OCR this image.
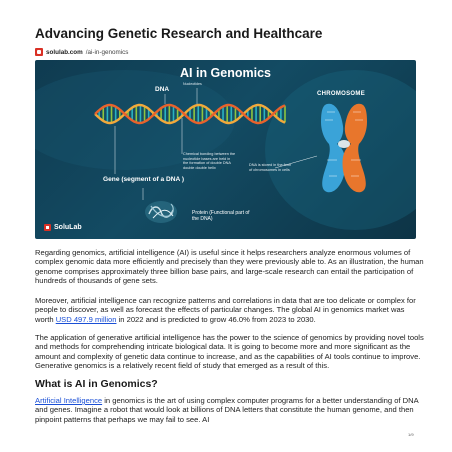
Advancing Genetic Research and Healthcare
solulab.com /ai-in-genomics
AI in Genomics
DNA
Nucleotides
CHROMOSOME
Chemical bonding between the
nucleotide bases are held in
the formation of double DNA
double double helix
DNA is stored in the form
of chromosomes in cells
Gene (segment of a DNA )
Protein (Functional part of
the DNA)
SoluLab

Regarding genomics, artificial intelligence (AI) is useful since it helps researchers analyze enormous volumes of complex genomic data more efficiently and precisely than they were previously able to. As an illustration, the human genome comprises approximately three billion base pairs, and large-scale research can entail the participation of hundreds of thousands of gene sets.

Moreover, artificial intelligence can recognize patterns and correlations in data that are too delicate or complex for people to discover, as well as forecast the effects of particular changes. The global AI in genomics market was worth USD 497.9 million in 2022 and is predicted to grow 46.0% from 2023 to 2030.

The application of generative artificial intelligence has the power to the science of genomics by providing novel tools and methods for comprehending intricate biological data. It is going to become more and more significant as the amount and complexity of genetic data continue to increase, and as the capabilities of AI tools continue to improve. Generative genomics is a relatively recent field of study that emerged as a result of this.

What is AI in Genomics?

Artificial Intelligence in genomics is the art of using complex computer programs for a better understanding of DNA and genes. Imagine a robot that would look at billions of DNA letters that constitute the human genome, and then pinpoint patterns that perhaps we may fail to see. AI

1/9
